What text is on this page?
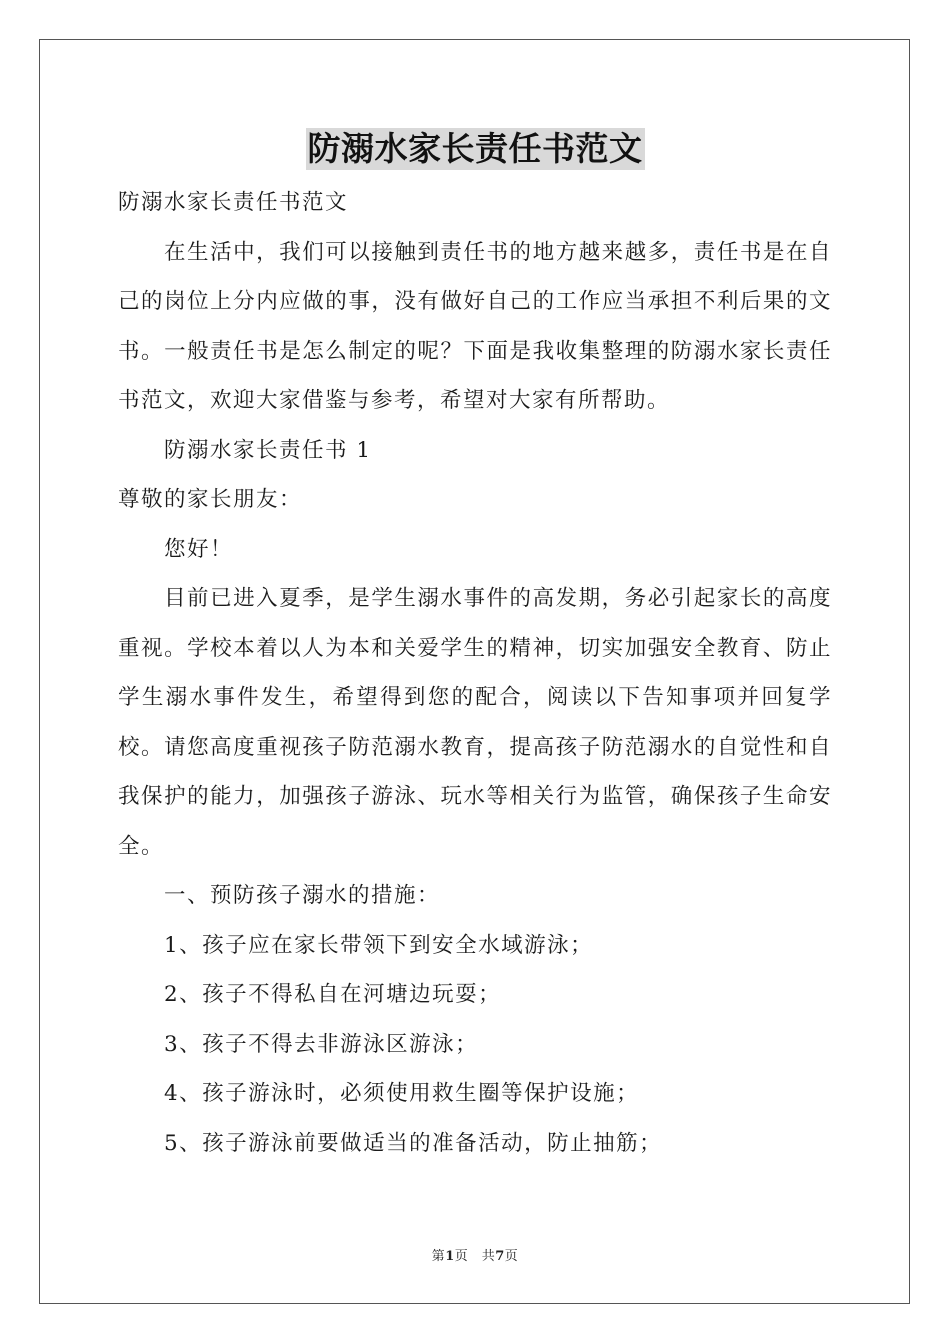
防溺水家长责任书范文

防溺水家长责任书范文

在生活中，我们可以接触到责任书的地方越来越多，责任书是在自己的岗位上分内应做的事，没有做好自己的工作应当承担不利后果的文书。一般责任书是怎么制定的呢？下面是我收集整理的防溺水家长责任书范文，欢迎大家借鉴与参考，希望对大家有所帮助。

防溺水家长责任书 1

尊敬的家长朋友：

您好！

目前已进入夏季，是学生溺水事件的高发期，务必引起家长的高度重视。学校本着以人为本和关爱学生的精神，切实加强安全教育、防止学生溺水事件发生，希望得到您的配合，阅读以下告知事项并回复学校。请您高度重视孩子防范溺水教育，提高孩子防范溺水的自觉性和自我保护的能力，加强孩子游泳、玩水等相关行为监管，确保孩子生命安全。

一、预防孩子溺水的措施：

1、孩子应在家长带领下到安全水域游泳；

2、孩子不得私自在河塘边玩耍；

3、孩子不得去非游泳区游泳；

4、孩子游泳时，必须使用救生圈等保护设施；

5、孩子游泳前要做适当的准备活动，防止抽筋；

第1页　共7页
